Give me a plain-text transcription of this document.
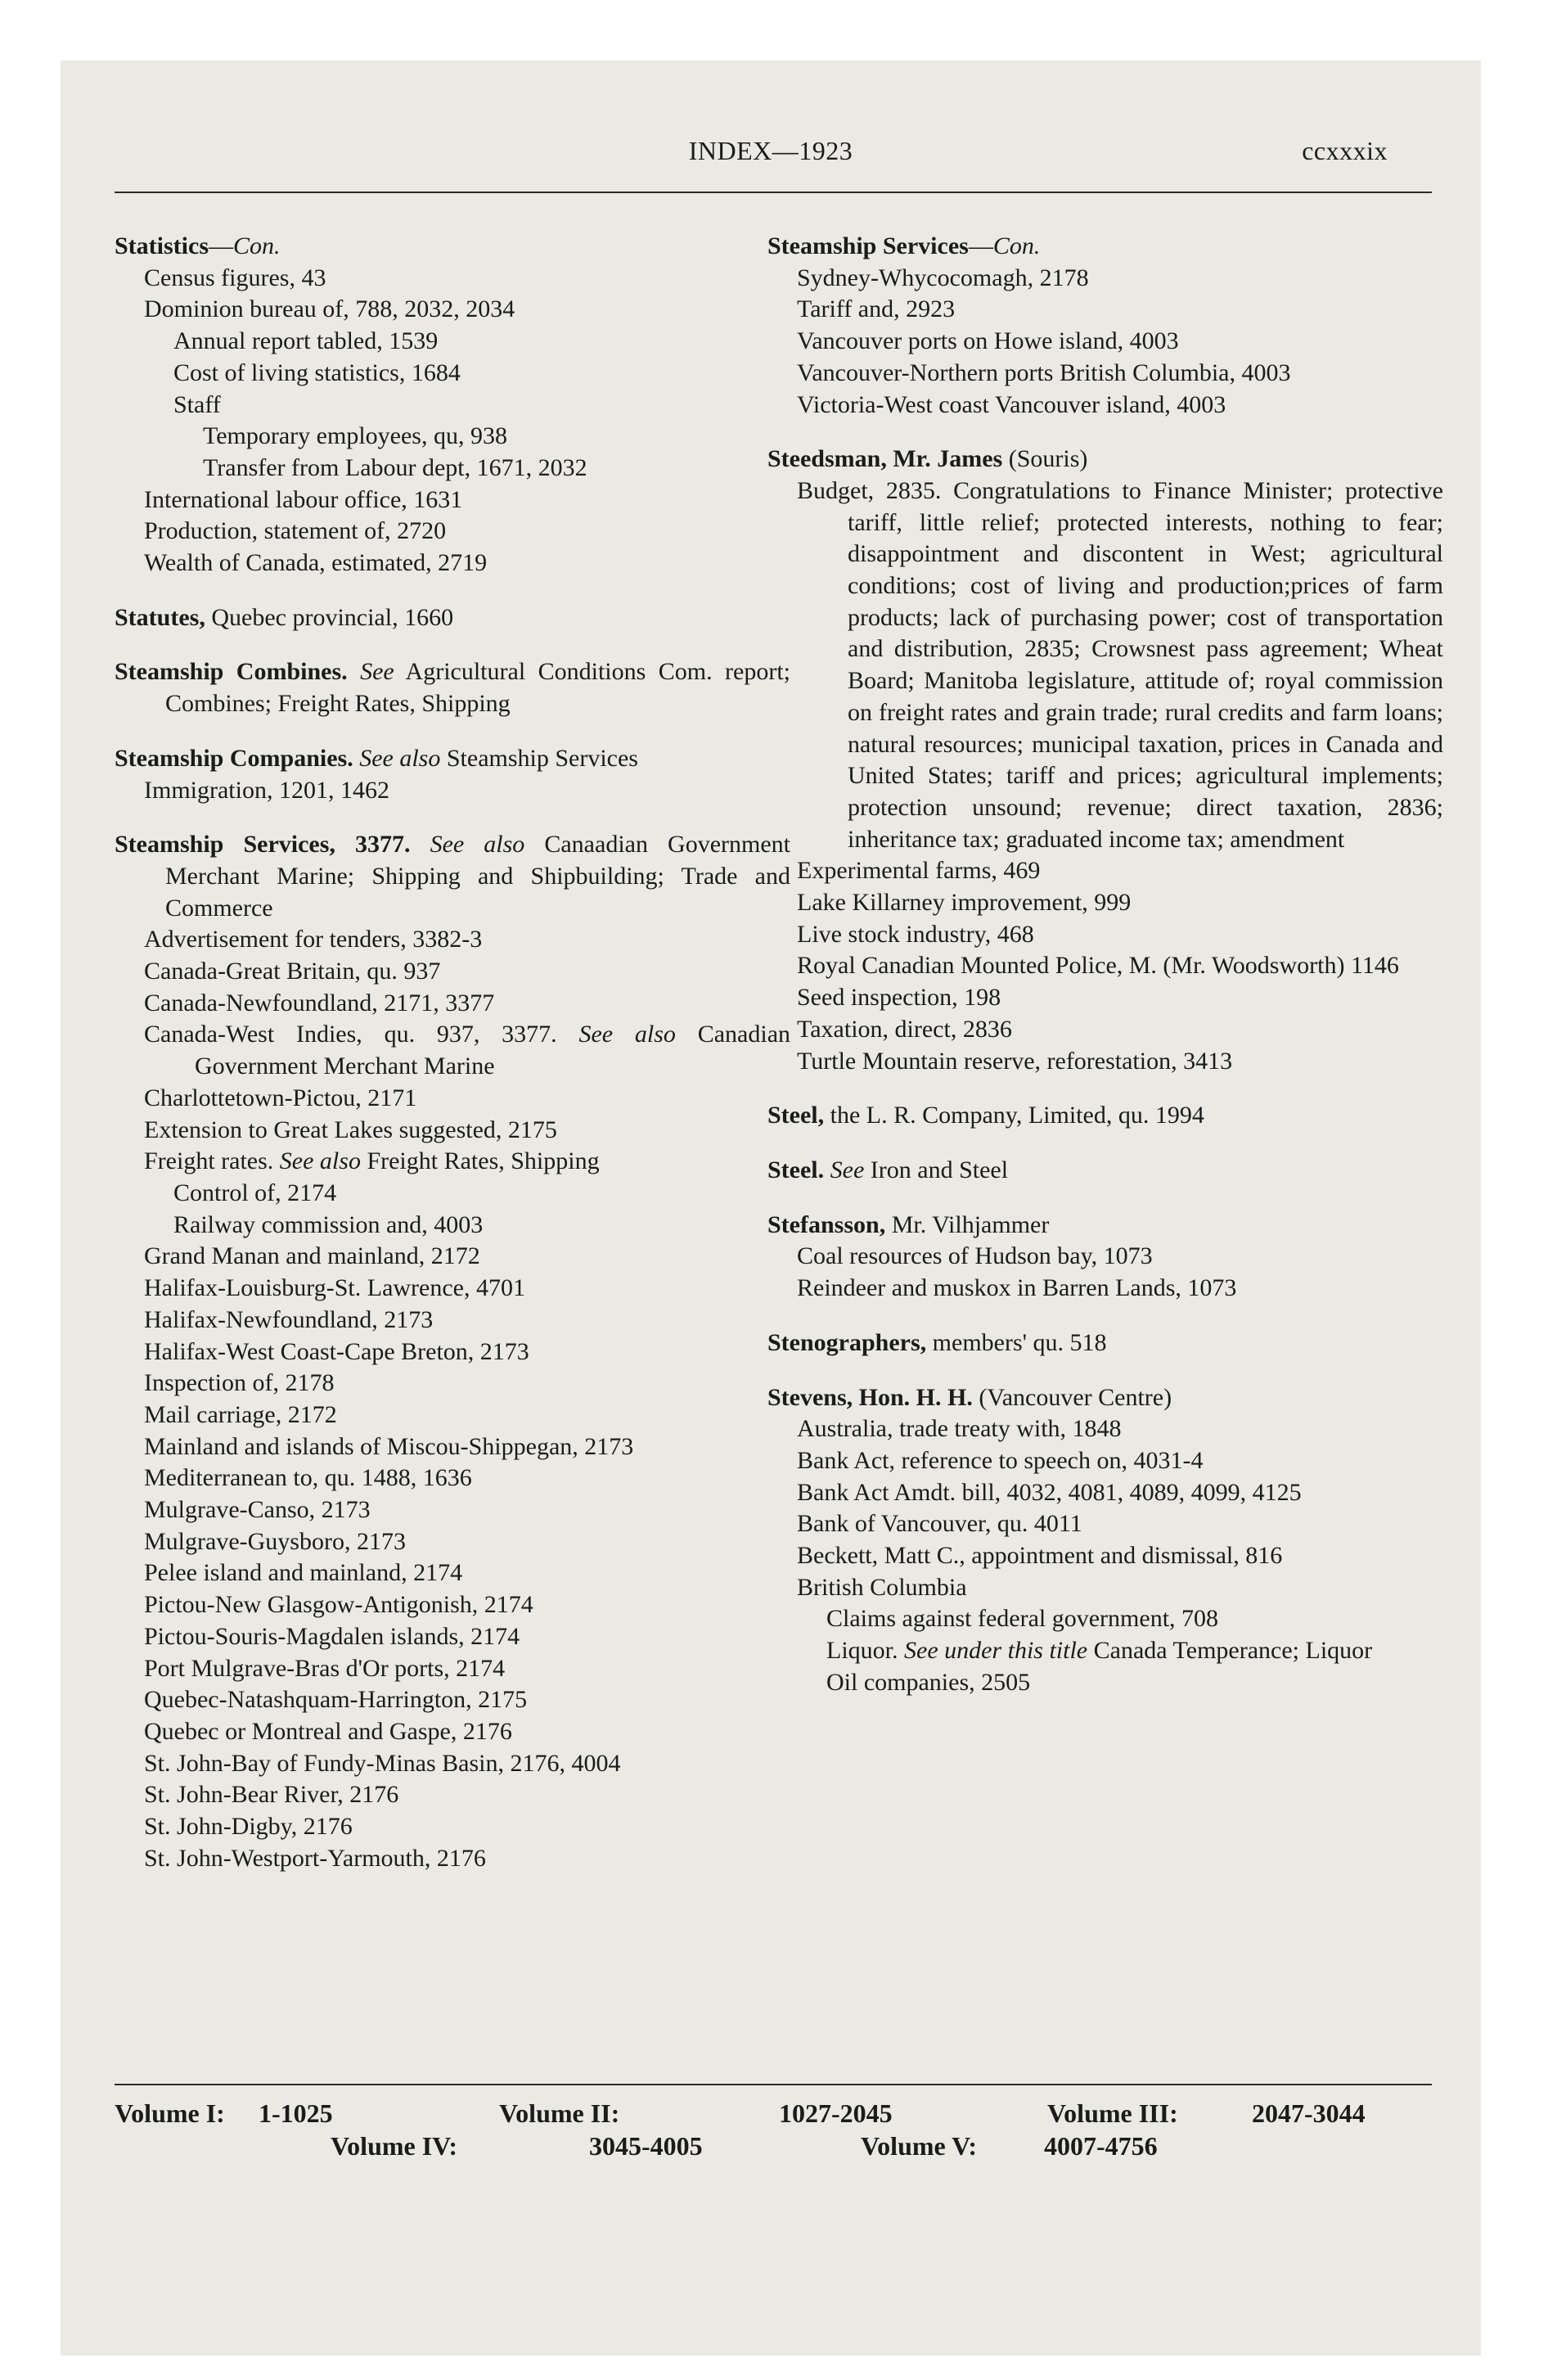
INDEX—1923	ccxxxix
Statistics—Con.
Census figures, 43
Dominion bureau of, 788, 2032, 2034
Annual report tabled, 1539
Cost of living statistics, 1684
Staff
Temporary employees, qu, 938
Transfer from Labour dept, 1671, 2032
International labour office, 1631
Production, statement of, 2720
Wealth of Canada, estimated, 2719
Statutes, Quebec provincial, 1660
Steamship Combines. See Agricultural Conditions Com. report; Combines; Freight Rates, Shipping
Steamship Companies. See also Steamship Services
Immigration, 1201, 1462
Steamship Services, 3377. See also Canaadian Government Merchant Marine; Shipping and Shipbuilding; Trade and Commerce
Advertisement for tenders, 3382-3
Canada-Great Britain, qu. 937
Canada-Newfoundland, 2171, 3377
Canada-West Indies, qu. 937, 3377. See also Canadian Government Merchant Marine
Charlottetown-Pictou, 2171
Extension to Great Lakes suggested, 2175
Freight rates. See also Freight Rates, Shipping
Control of, 2174
Railway commission and, 4003
Grand Manan and mainland, 2172
Halifax-Louisburg-St. Lawrence, 4701
Halifax-Newfoundland, 2173
Halifax-West Coast-Cape Breton, 2173
Inspection of, 2178
Mail carriage, 2172
Mainland and islands of Miscou-Shippegan, 2173
Mediterranean to, qu. 1488, 1636
Mulgrave-Canso, 2173
Mulgrave-Guysboro, 2173
Pelee island and mainland, 2174
Pictou-New Glasgow-Antigonish, 2174
Pictou-Souris-Magdalen islands, 2174
Port Mulgrave-Bras d'Or ports, 2174
Quebec-Natashquam-Harrington, 2175
Quebec or Montreal and Gaspe, 2176
St. John-Bay of Fundy-Minas Basin, 2176, 4004
St. John-Bear River, 2176
St. John-Digby, 2176
St. John-Westport-Yarmouth, 2176
Steamship Services—Con.
Sydney-Whycocomagh, 2178
Tariff and, 2923
Vancouver ports on Howe island, 4003
Vancouver-Northern ports British Columbia, 4003
Victoria-West coast Vancouver island, 4003
Steedsman, Mr. James (Souris)
Budget, 2835. Congratulations to Finance Minister; protective tariff, little relief; protected interests, nothing to fear; disappointment and discontent in West; agricultural conditions; cost of living and production;prices of farm products; lack of purchasing power; cost of transportation and distribution, 2835; Crowsnest pass agreement; Wheat Board; Manitoba legislature, attitude of; royal commission on freight rates and grain trade; rural credits and farm loans; natural resources; municipal taxation, prices in Canada and United States; tariff and prices; agricultural implements; protection unsound; revenue; direct taxation, 2836; inheritance tax; graduated income tax; amendment
Experimental farms, 469
Lake Killarney improvement, 999
Live stock industry, 468
Royal Canadian Mounted Police, M. (Mr. Woodsworth) 1146
Seed inspection, 198
Taxation, direct, 2836
Turtle Mountain reserve, reforestation, 3413
Steel, the L. R. Company, Limited, qu. 1994
Steel. See Iron and Steel
Stefansson, Mr. Vilhjammer
Coal resources of Hudson bay, 1073
Reindeer and muskox in Barren Lands, 1073
Stenographers, members' qu. 518
Stevens, Hon. H. H. (Vancouver Centre)
Australia, trade treaty with, 1848
Bank Act, reference to speech on, 4031-4
Bank Act Amdt. bill, 4032, 4081, 4089, 4099, 4125
Bank of Vancouver, qu. 4011
Beckett, Matt C., appointment and dismissal, 816
British Columbia
Claims against federal government, 708
Liquor. See under this title Canada Temperance; Liquor
Oil companies, 2505
Volume I: 1-1025	Volume II:	1027-2045	Volume III:	2047-3044
Volume IV:	3045-4005	Volume V:	4007-4756
